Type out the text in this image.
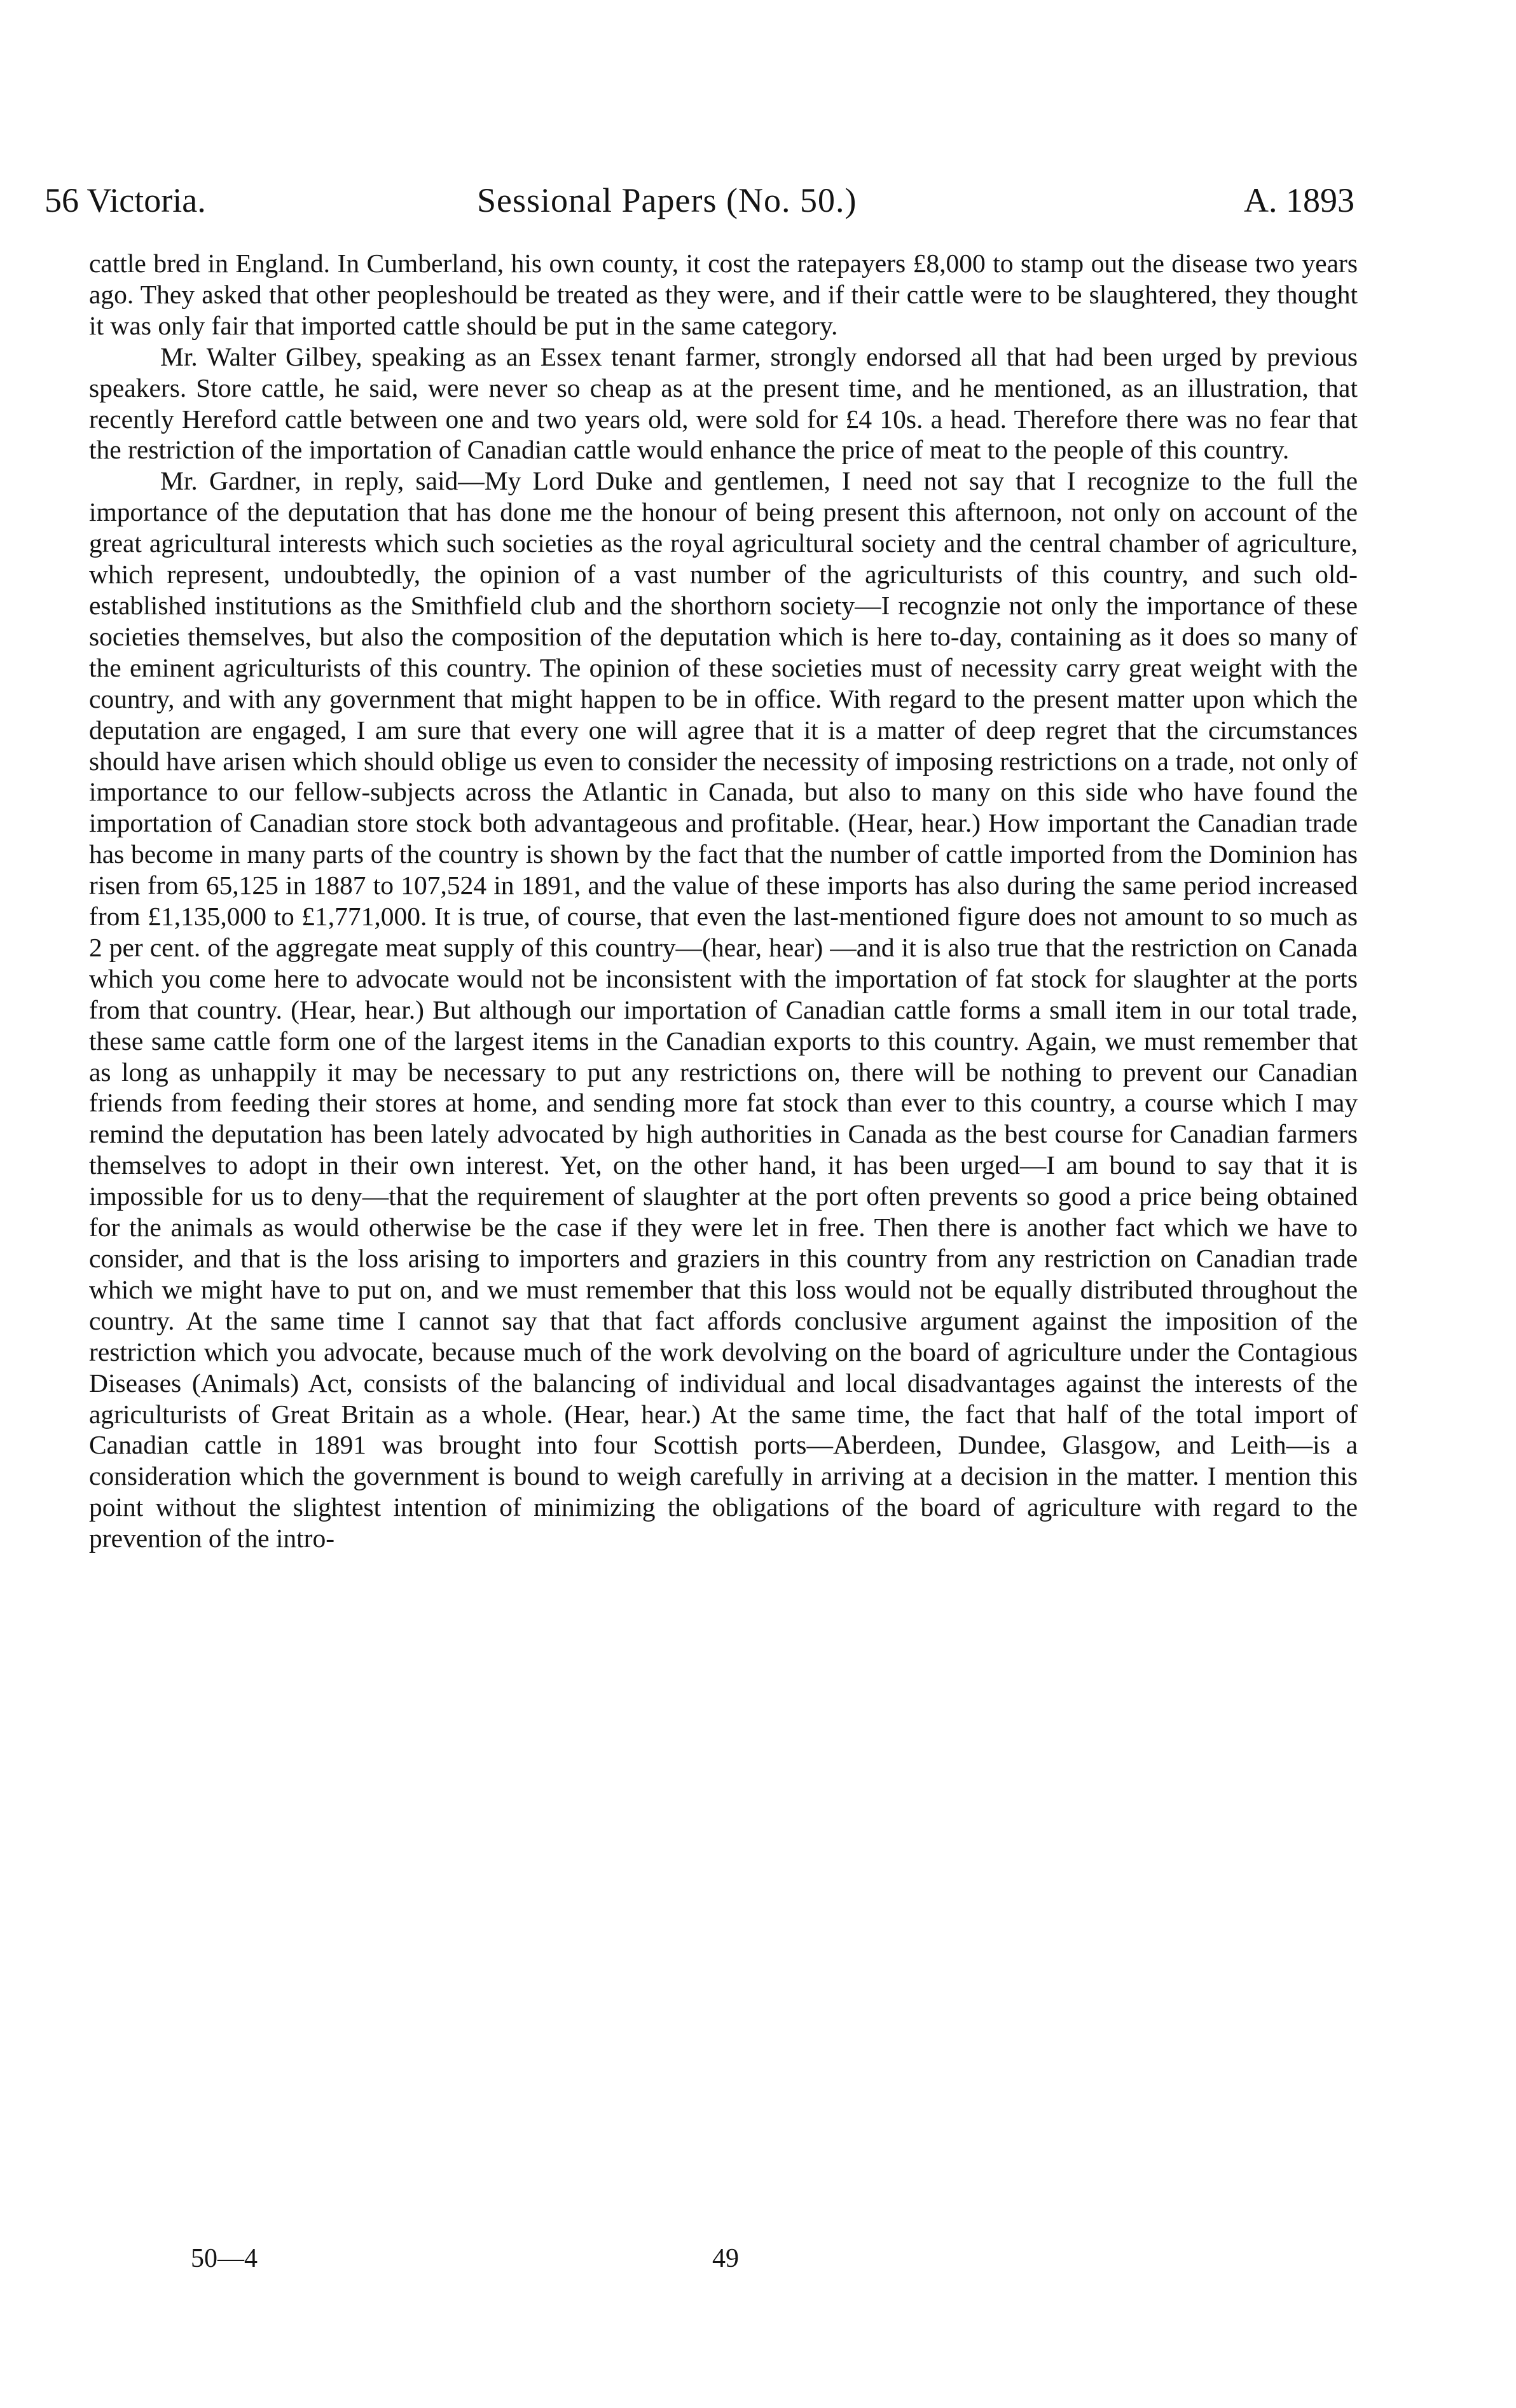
56 Victoria.	Sessional Papers (No. 50.)	A. 1893

cattle bred in England. In Cumberland, his own county, it cost the ratepayers £8,000 to stamp out the disease two years ago. They asked that other peopleshould be treated as they were, and if their cattle were to be slaughtered, they thought it was only fair that imported cattle should be put in the same category.

Mr. Walter Gilbey, speaking as an Essex tenant farmer, strongly endorsed all that had been urged by previous speakers. Store cattle, he said, were never so cheap as at the present time, and he mentioned, as an illustration, that recently Hereford cattle between one and two years old, were sold for £4 10s. a head. Therefore there was no fear that the restriction of the importation of Canadian cattle would enhance the price of meat to the people of this country.

Mr. Gardner, in reply, said—My Lord Duke and gentlemen, I need not say that I recognize to the full the importance of the deputation that has done me the honour of being present this afternoon, not only on account of the great agricultural interests which such societies as the royal agricultural society and the central chamber of agriculture, which represent, undoubtedly, the opinion of a vast number of the agriculturists of this country, and such old-established institutions as the Smithfield club and the shorthorn society—I recognzie not only the importance of these societies themselves, but also the composition of the deputation which is here to-day, containing as it does so many of the eminent agriculturists of this country. The opinion of these societies must of necessity carry great weight with the country, and with any government that might happen to be in office. With regard to the present matter upon which the deputation are engaged, I am sure that every one will agree that it is a matter of deep regret that the circumstances should have arisen which should oblige us even to consider the necessity of imposing restrictions on a trade, not only of importance to our fellow-subjects across the Atlantic in Canada, but also to many on this side who have found the importation of Canadian store stock both advantageous and profitable. (Hear, hear.) How important the Canadian trade has become in many parts of the country is shown by the fact that the number of cattle imported from the Dominion has risen from 65,125 in 1887 to 107,524 in 1891, and the value of these imports has also during the same period increased from £1,135,000 to £1,771,000. It is true, of course, that even the last-mentioned figure does not amount to so much as 2 per cent. of the aggregate meat supply of this country—(hear, hear) —and it is also true that the restriction on Canada which you come here to advocate would not be inconsistent with the importation of fat stock for slaughter at the ports from that country. (Hear, hear.) But although our importation of Canadian cattle forms a small item in our total trade, these same cattle form one of the largest items in the Canadian exports to this country. Again, we must remember that as long as unhappily it may be necessary to put any restrictions on, there will be nothing to prevent our Canadian friends from feeding their stores at home, and sending more fat stock than ever to this country, a course which I may remind the deputation has been lately advocated by high authorities in Canada as the best course for Canadian farmers themselves to adopt in their own interest. Yet, on the other hand, it has been urged—I am bound to say that it is impossible for us to deny—that the requirement of slaughter at the port often prevents so good a price being obtained for the animals as would otherwise be the case if they were let in free. Then there is another fact which we have to consider, and that is the loss arising to importers and graziers in this country from any restriction on Canadian trade which we might have to put on, and we must remember that this loss would not be equally distributed throughout the country. At the same time I cannot say that that fact affords conclusive argument against the imposition of the restriction which you advocate, because much of the work devolving on the board of agriculture under the Contagious Diseases (Animals) Act, consists of the balancing of individual and local disadvantages against the interests of the agriculturists of Great Britain as a whole. (Hear, hear.) At the same time, the fact that half of the total import of Canadian cattle in 1891 was brought into four Scottish ports—Aberdeen, Dundee, Glasgow, and Leith—is a consideration which the government is bound to weigh carefully in arriving at a decision in the matter. I mention this point without the slightest intention of minimizing the obligations of the board of agriculture with regard to the prevention of the intro-

50—4	49
